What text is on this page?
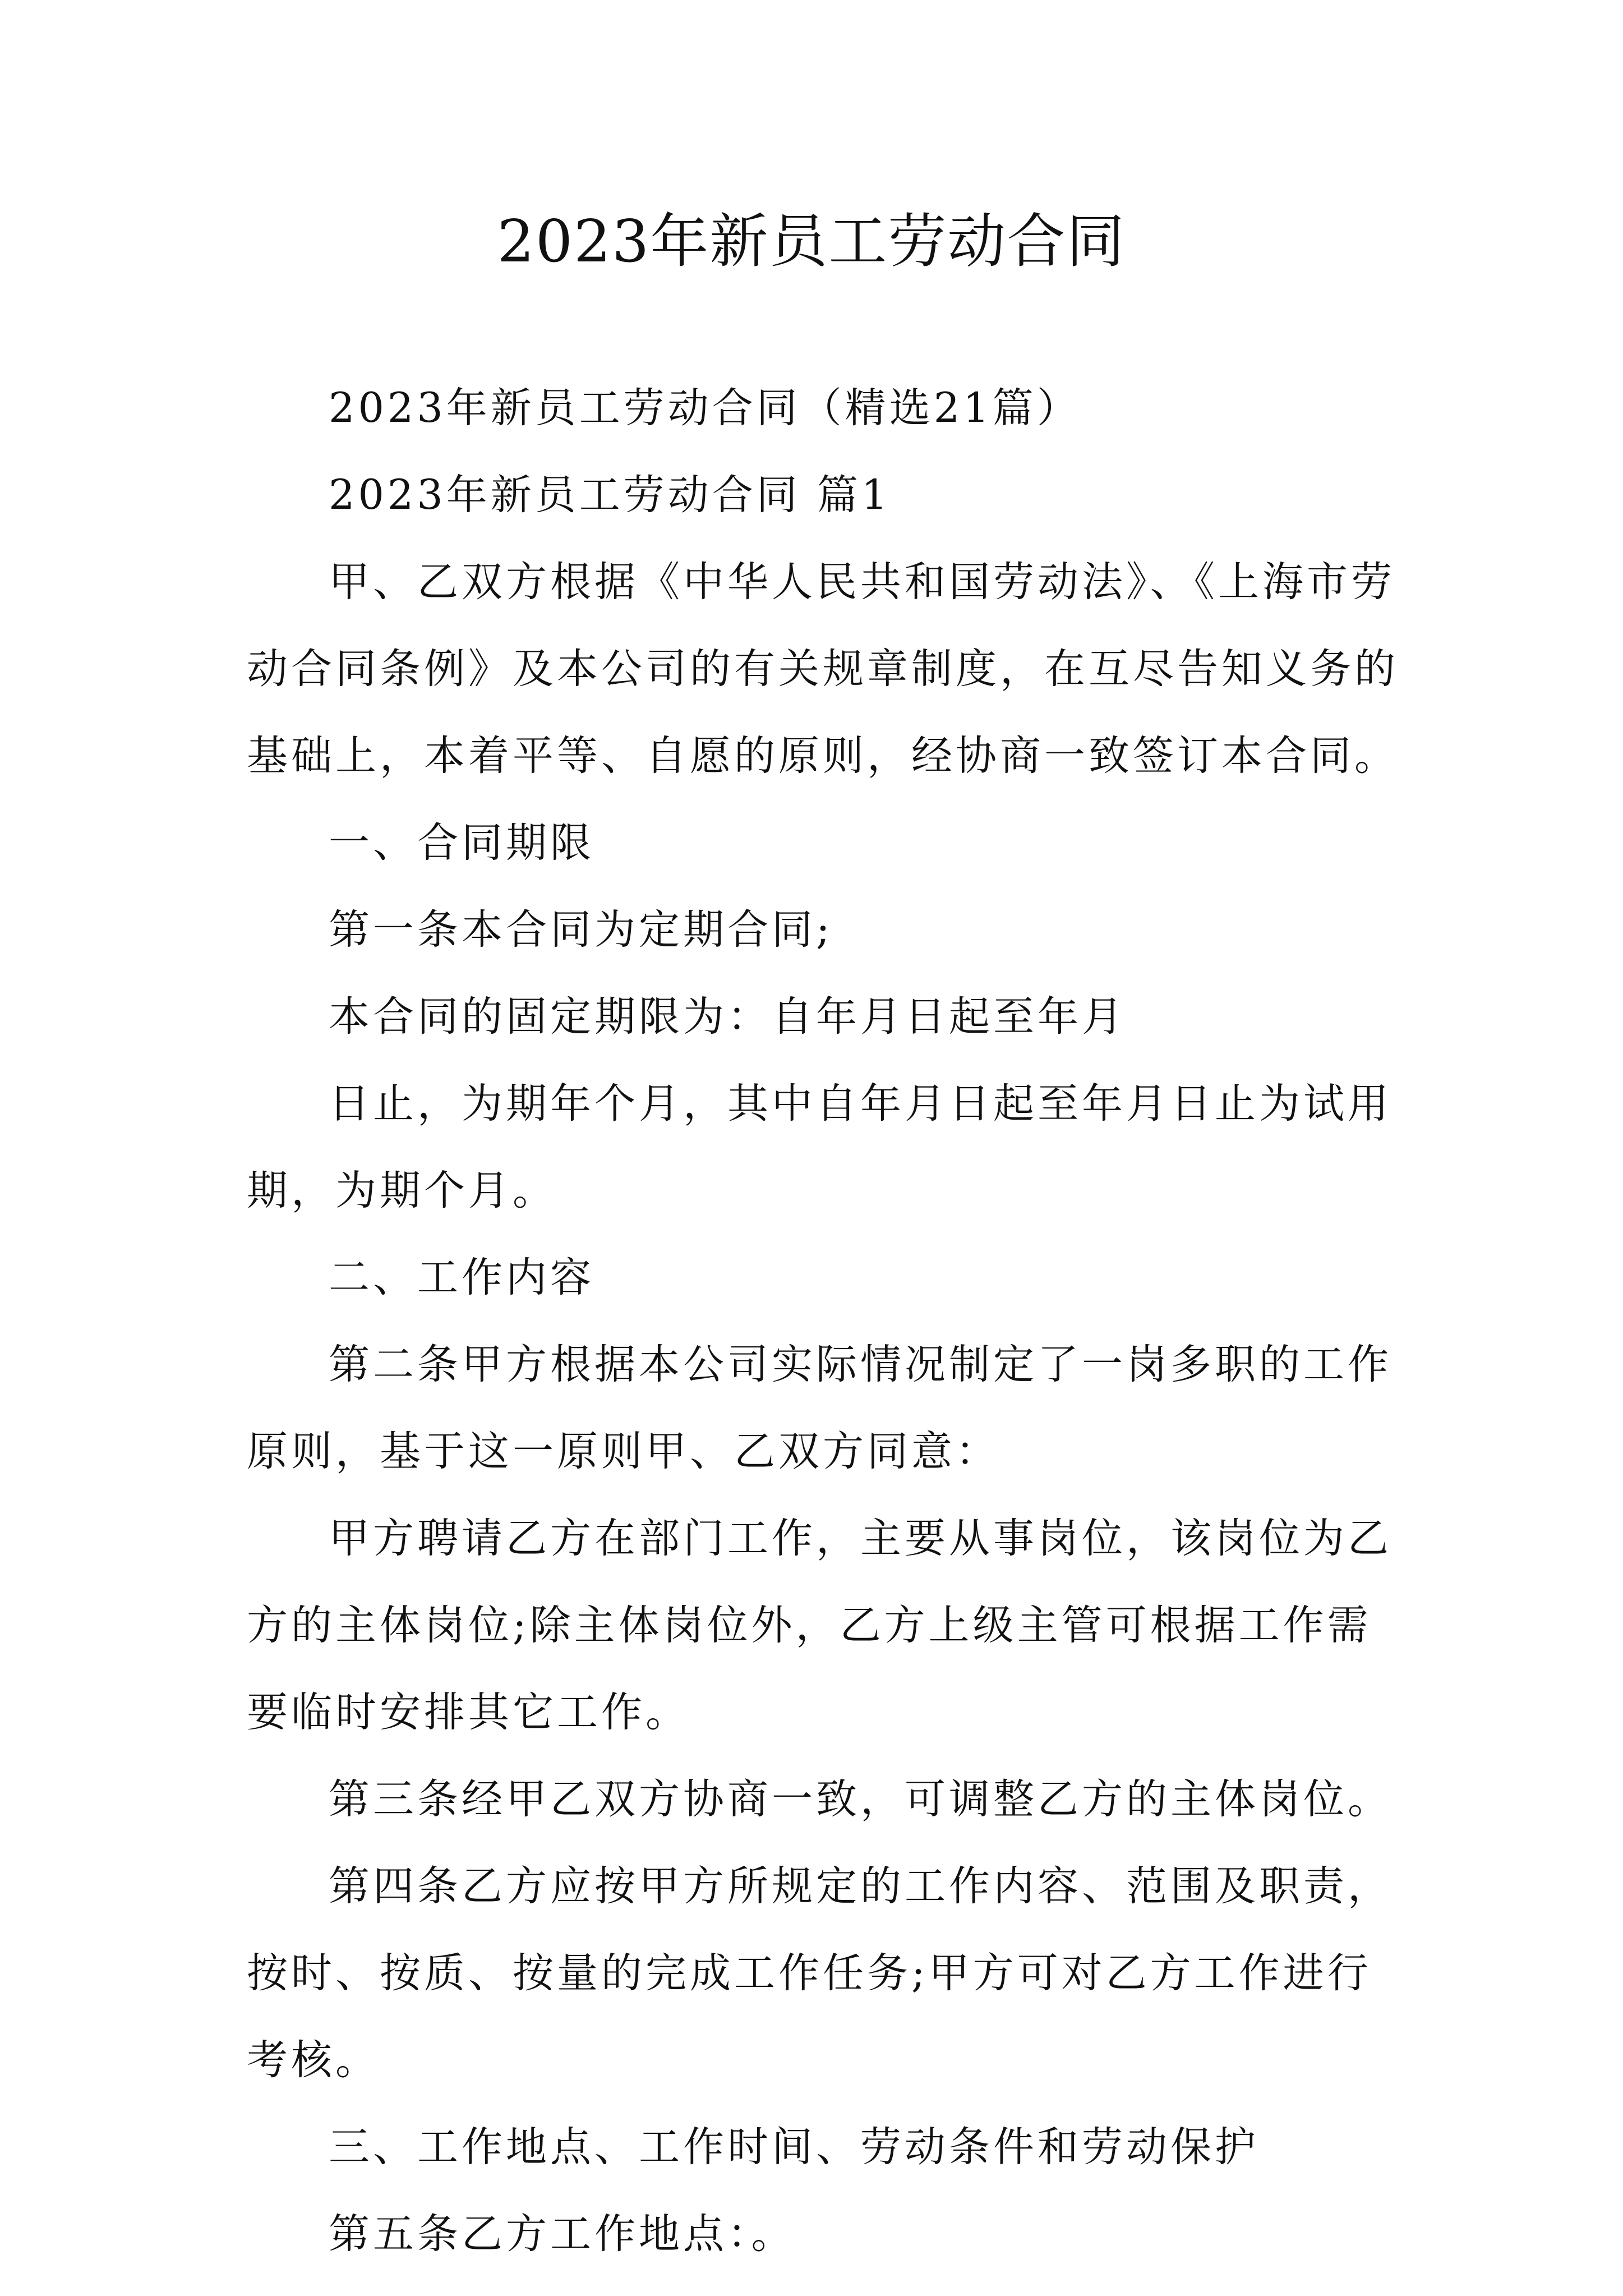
2023年新员工劳动合同

2023年新员工劳动合同（精选21篇）

2023年新员工劳动合同 篇1

甲、乙双方根据《中华人民共和国劳动法》、《上海市劳动合同条例》及本公司的有关规章制度，在互尽告知义务的基础上，本着平等、自愿的原则，经协商一致签订本合同。

一、合同期限

第一条本合同为定期合同;

本合同的固定期限为：自年月日起至年月

日止，为期年个月，其中自年月日起至年月日止为试用期，为期个月。

二、工作内容

第二条甲方根据本公司实际情况制定了一岗多职的工作原则，基于这一原则甲、乙双方同意：

甲方聘请乙方在部门工作，主要从事岗位，该岗位为乙方的主体岗位;除主体岗位外，乙方上级主管可根据工作需要临时安排其它工作。

第三条经甲乙双方协商一致，可调整乙方的主体岗位。

第四条乙方应按甲方所规定的工作内容、范围及职责，按时、按质、按量的完成工作任务;甲方可对乙方工作进行考核。

三、工作地点、工作时间、劳动条件和劳动保护

第五条乙方工作地点：。
